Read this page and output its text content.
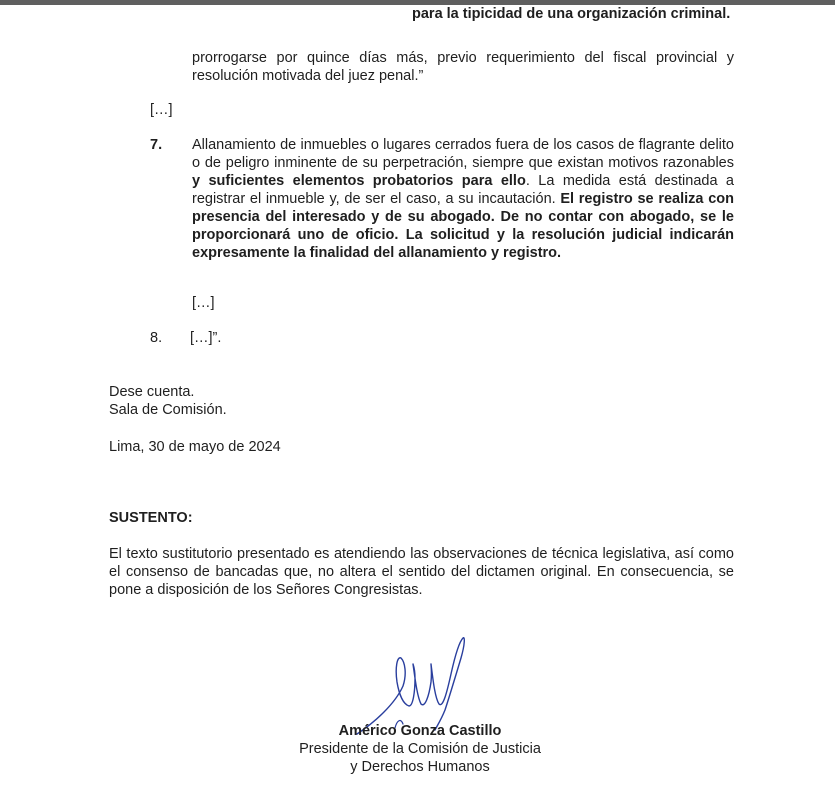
para la tipicidad de una organización criminal.

prorrogarse por quince días más, previo requerimiento del fiscal provincial y resolución motivada del juez penal.”

[…]
7. Allanamiento de inmuebles o lugares cerrados fuera de los casos de flagrante delito o de peligro inminente de su perpetración, siempre que existan motivos razonables y suficientes elementos probatorios para ello. La medida está destinada a registrar el inmueble y, de ser el caso, a su incautación. El registro se realiza con presencia del interesado y de su abogado. De no contar con abogado, se le proporcionará uno de oficio. La solicitud y la resolución judicial indicarán expresamente la finalidad del allanamiento y registro.

[…]
8. […]”.
Dese cuenta.
Sala de Comisión.
Lima, 30 de mayo de 2024
SUSTENTO:

El texto sustitutorio presentado es atendiendo las observaciones de técnica legislativa, así como el consenso de bancadas que, no altera el sentido del dictamen original. En consecuencia, se pone a disposición de los Señores Congresistas.

Américo Gonza Castillo
Presidente de la Comisión de Justicia
y Derechos Humanos
